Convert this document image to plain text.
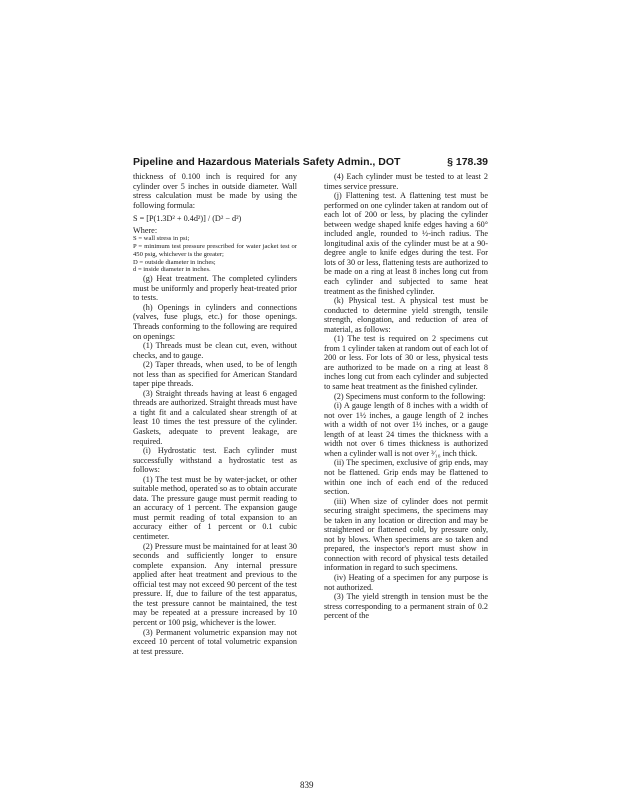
Pipeline and Hazardous Materials Safety Admin., DOT	§ 178.39

thickness of 0.100 inch is required for any cylinder over 5 inches in outside diameter. Wall stress calculation must be made by using the following formula:

S = [P(1.3D² + 0.4d²)] / (D² − d²)

Where:

S = wall stress in psi;

P = minimum test pressure prescribed for water jacket test or 450 psig, whichever is the greater;

D = outside diameter in inches;

d = inside diameter in inches.

(g) Heat treatment. The completed cylinders must be uniformly and properly heat-treated prior to tests.

(h) Openings in cylinders and connections (valves, fuse plugs, etc.) for those openings. Threads conforming to the following are required on openings:

(1) Threads must be clean cut, even, without checks, and to gauge.

(2) Taper threads, when used, to be of length not less than as specified for American Standard taper pipe threads.

(3) Straight threads having at least 6 engaged threads are authorized. Straight threads must have a tight fit and a calculated shear strength of at least 10 times the test pressure of the cylinder. Gaskets, adequate to prevent leakage, are required.

(i) Hydrostatic test. Each cylinder must successfully withstand a hydrostatic test as follows:

(1) The test must be by water-jacket, or other suitable method, operated so as to obtain accurate data. The pressure gauge must permit reading to an accuracy of 1 percent. The expansion gauge must permit reading of total expansion to an accuracy either of 1 percent or 0.1 cubic centimeter.

(2) Pressure must be maintained for at least 30 seconds and sufficiently longer to ensure complete expansion. Any internal pressure applied after heat treatment and previous to the official test may not exceed 90 percent of the test pressure. If, due to failure of the test apparatus, the test pressure cannot be maintained, the test may be repeated at a pressure increased by 10 percent or 100 psig, whichever is the lower.

(3) Permanent volumetric expansion may not exceed 10 percent of total volumetric expansion at test pressure.

(4) Each cylinder must be tested to at least 2 times service pressure.

(j) Flattening test. A flattening test must be performed on one cylinder taken at random out of each lot of 200 or less, by placing the cylinder between wedge shaped knife edges having a 60° included angle, rounded to ½-inch radius. The longitudinal axis of the cylinder must be at a 90-degree angle to knife edges during the test. For lots of 30 or less, flattening tests are authorized to be made on a ring at least 8 inches long cut from each cylinder and subjected to same heat treatment as the finished cylinder.

(k) Physical test. A physical test must be conducted to determine yield strength, tensile strength, elongation, and reduction of area of material, as follows:

(1) The test is required on 2 specimens cut from 1 cylinder taken at random out of each lot of 200 or less. For lots of 30 or less, physical tests are authorized to be made on a ring at least 8 inches long cut from each cylinder and subjected to same heat treatment as the finished cylinder.

(2) Specimens must conform to the following:

(i) A gauge length of 8 inches with a width of not over 1½ inches, a gauge length of 2 inches with a width of not over 1½ inches, or a gauge length of at least 24 times the thickness with a width not over 6 times thickness is authorized when a cylinder wall is not over ³⁄₁₆ inch thick.

(ii) The specimen, exclusive of grip ends, may not be flattened. Grip ends may be flattened to within one inch of each end of the reduced section.

(iii) When size of cylinder does not permit securing straight specimens, the specimens may be taken in any location or direction and may be straightened or flattened cold, by pressure only, not by blows. When specimens are so taken and prepared, the inspector's report must show in connection with record of physical tests detailed information in regard to such specimens.

(iv) Heating of a specimen for any purpose is not authorized.

(3) The yield strength in tension must be the stress corresponding to a permanent strain of 0.2 percent of the

839
